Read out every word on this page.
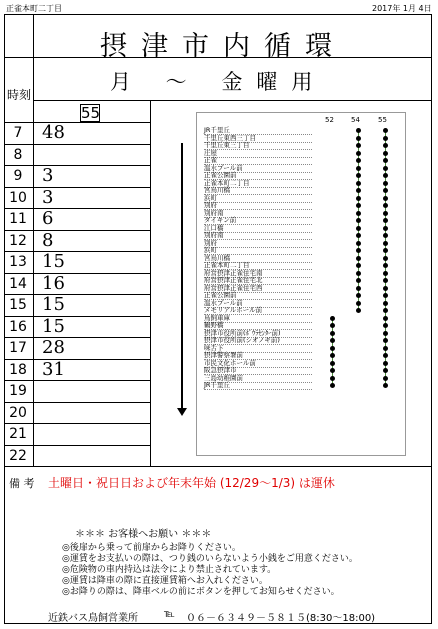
正雀本町二丁目	2017年 1月 4日
摂津市内循環
月 ～ 金曜用
時刻
55
7	48
8
9	3
10 3
11 6
12 8
13 15
14 16
15 15
16 15
17 28
18 31
19
20
21
22
52 54	55
JR千里丘
千里丘東西三丁目
千里丘東三丁目
庄屋
正雀
温水プール前
正雀公園前
正雀本町二丁目
宮鳥川橋
浜町
別府
別府南
ダイキン前
江口橋
別府南
別府
浜町
宮鳥川橋
正雀本町二丁目
府営摂津正雀住宅南
府営摂津正雀住宅北
府営摂津正雀住宅西
正雀公園前
温水プール前
メモリアルホール前
鳥飼車庫
鶴野橋
摂津市役所前(ﾎﾞｳﾗｾﾝﾀｰ前)
摂津市役所前(シオノギ前)
味舌下
摂津警察署前
市民文化ホール前
阪急摂津市
三島幼稚園前
JR千里丘
備 考 土曜日・祝日日および年末年始 (12/29～1/3) は運休
＊＊＊ お客様へお願い ＊＊＊
◎後扉から乗って前扉からお降りください。
◎運賃をお支払いの際は、つり銭のいらないよう小銭をご用意ください。
◎危険物の車内持込は法令により禁止されています。
◎運賃は降車の際に直接運賃箱へお入れください。
◎お降りの際は、降車ベルの前にボタンを押してお知らせください。
近鉄バス鳥飼営業所	℡ ０６－６３４９－５８１５(8:30～18:00)
